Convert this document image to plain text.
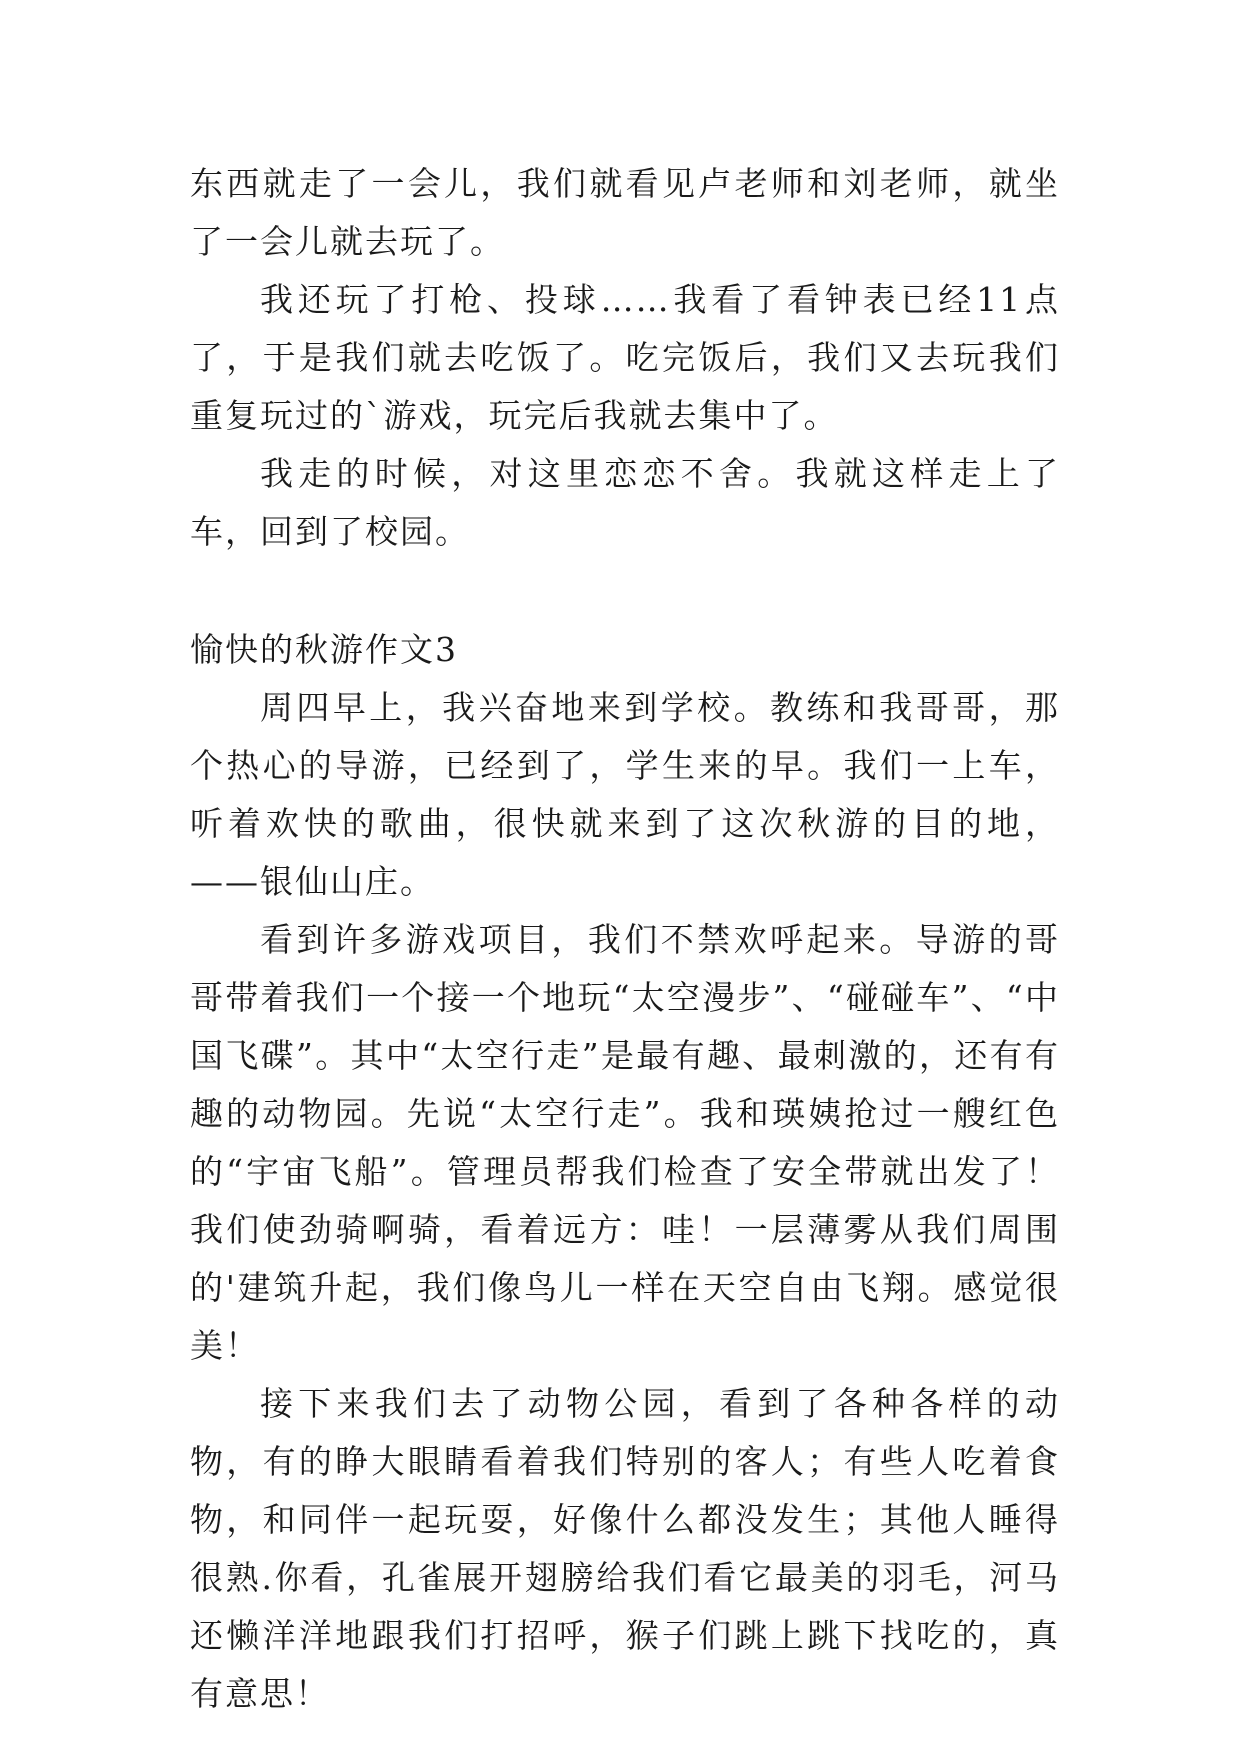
东西就走了一会儿，我们就看见卢老师和刘老师，就坐了一会儿就去玩了。

我还玩了打枪、投球……我看了看钟表已经11点了，于是我们就去吃饭了。吃完饭后，我们又去玩我们重复玩过的`游戏，玩完后我就去集中了。

我走的时候，对这里恋恋不舍。我就这样走上了车，回到了校园。

愉快的秋游作文3

周四早上，我兴奋地来到学校。教练和我哥哥，那个热心的导游，已经到了，学生来的早。我们一上车，听着欢快的歌曲，很快就来到了这次秋游的目的地，——银仙山庄。

看到许多游戏项目，我们不禁欢呼起来。导游的哥哥带着我们一个接一个地玩“太空漫步”、“碰碰车”、“中国飞碟”。其中“太空行走”是最有趣、最刺激的，还有有趣的动物园。先说“太空行走”。我和瑛姨抢过一艘红色的“宇宙飞船”。管理员帮我们检查了安全带就出发了！我们使劲骑啊骑，看着远方：哇！一层薄雾从我们周围的'建筑升起，我们像鸟儿一样在天空自由飞翔。感觉很美！

接下来我们去了动物公园，看到了各种各样的动物，有的睁大眼睛看着我们特别的客人；有些人吃着食物，和同伴一起玩耍，好像什么都没发生；其他人睡得很熟.你看，孔雀展开翅膀给我们看它最美的羽毛，河马还懒洋洋地跟我们打招呼，猴子们跳上跳下找吃的，真有意思！
